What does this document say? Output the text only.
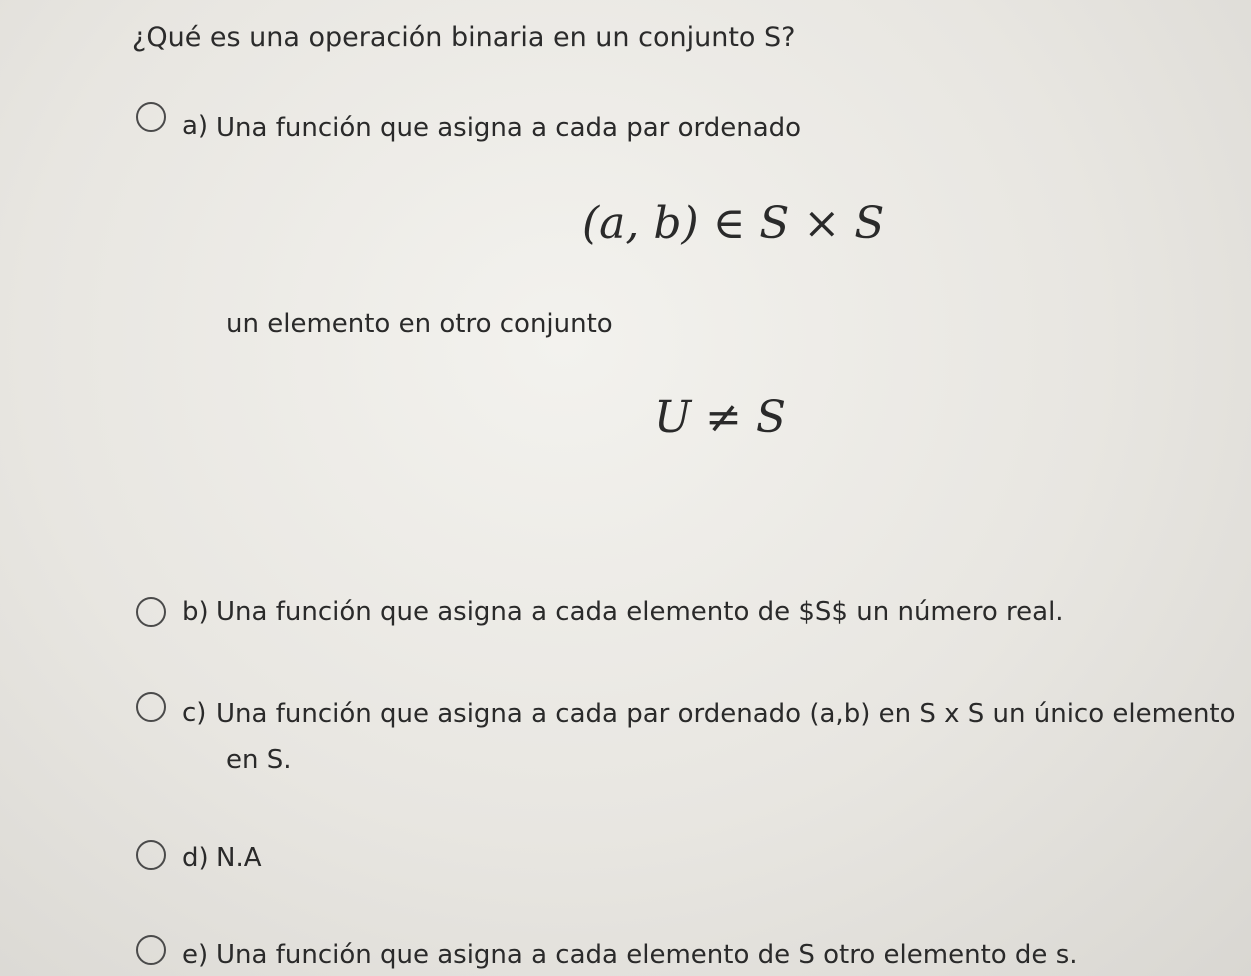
¿Qué es una operación binaria en un conjunto S?
a) Una función que asigna a cada par ordenado
(a, b) ∈ S × S
un elemento en otro conjunto
U ≠ S
b) Una función que asigna a cada elemento de $S$ un número real.
c) Una función que asigna a cada par ordenado (a,b) en S x S un único elemento
en S.
d) N.A
e) Una función que asigna a cada elemento de S otro elemento de s.
